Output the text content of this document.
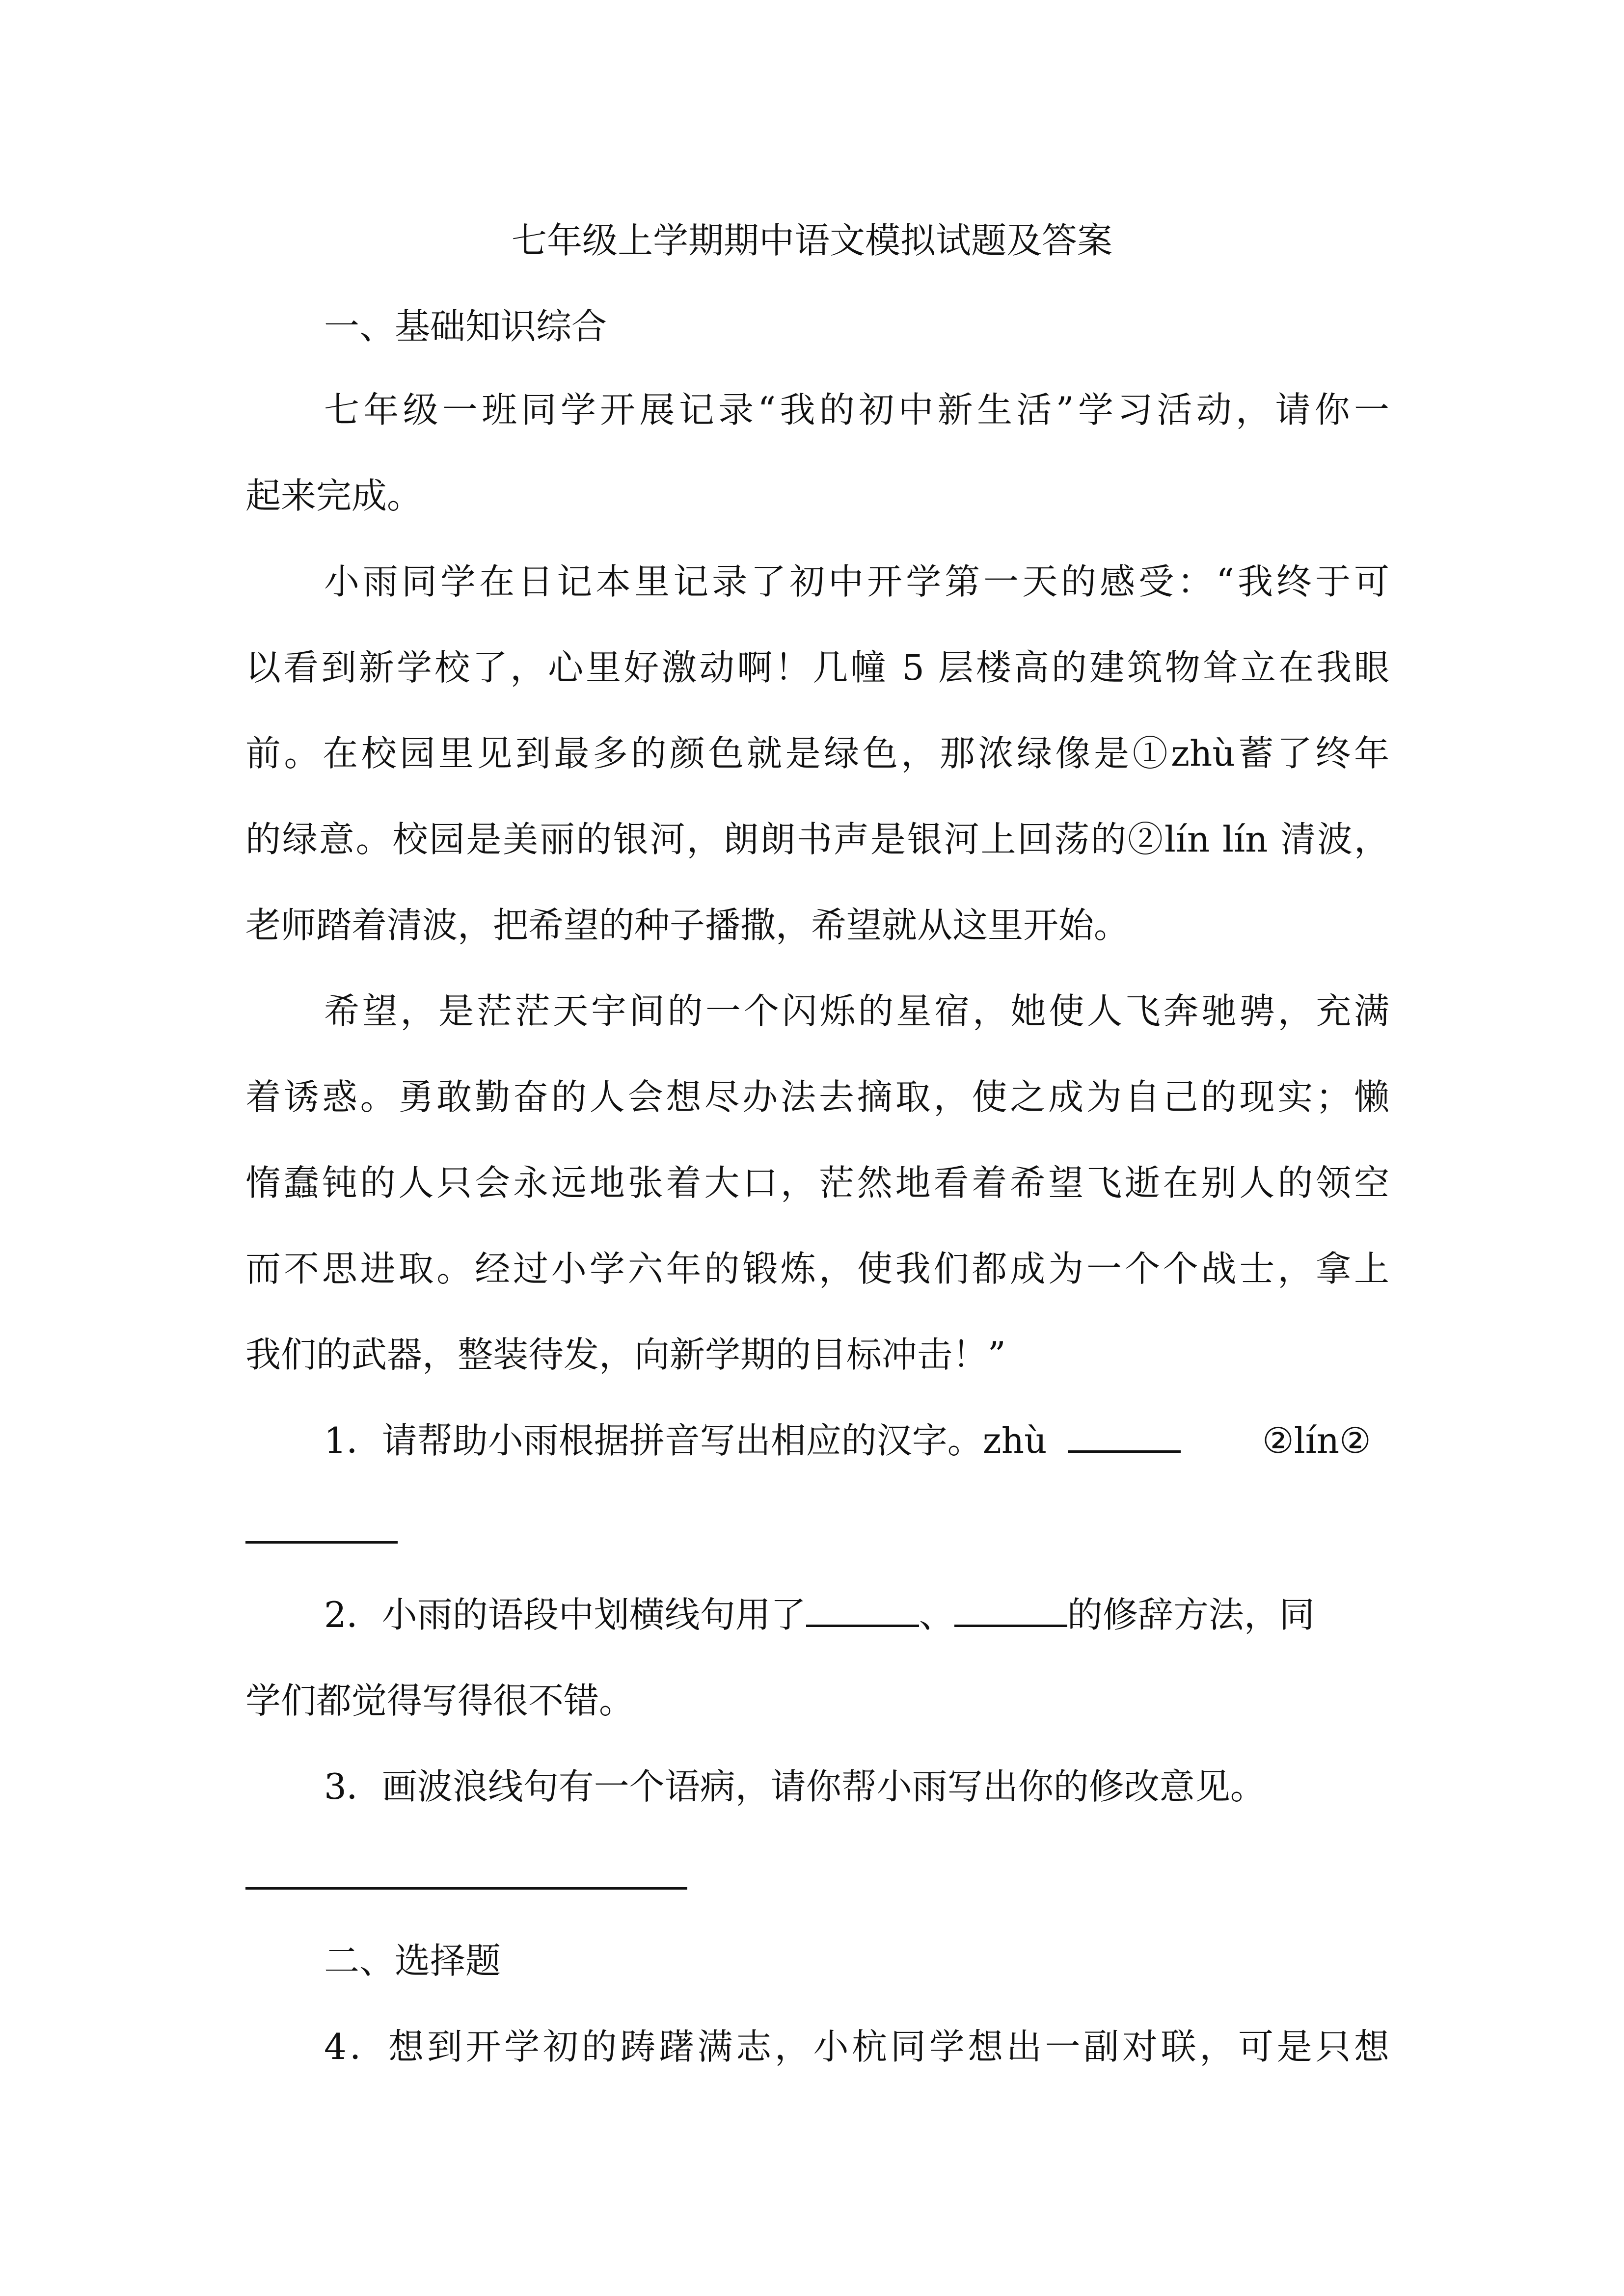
七年级上学期期中语文模拟试题及答案
一、基础知识综合
七年级一班同学开展记录“我的初中新生活”学习活动，请你一
起来完成。
小雨同学在日记本里记录了初中开学第一天的感受：“我终于可
以看到新学校了，心里好激动啊！几幢 5 层楼高的建筑物耸立在我眼
前。在校园里见到最多的颜色就是绿色，那浓绿像是①zhù蓄了终年
的绿意。校园是美丽的银河，朗朗书声是银河上回荡的②lín lín 清波，
老师踏着清波，把希望的种子播撒，希望就从这里开始。
希望，是茫茫天宇间的一个闪烁的星宿，她使人飞奔驰骋，充满
着诱惑。勇敢勤奋的人会想尽办法去摘取，使之成为自己的现实；懒
惰蠢钝的人只会永远地张着大口，茫然地看着希望飞逝在别人的领空
而不思进取。经过小学六年的锻炼，使我们都成为一个个战士，拿上
我们的武器，整装待发，向新学期的目标冲击！”
1．请帮助小雨根据拼音写出相应的汉字。zhù	②lín②
2．小雨的语段中划横线句用了	、	的修辞方法，同
学们都觉得写得很不错。
3．画波浪线句有一个语病，请你帮小雨写出你的修改意见。
二、选择题
4．想到开学初的踌躇满志，小杭同学想出一副对联，可是只想
